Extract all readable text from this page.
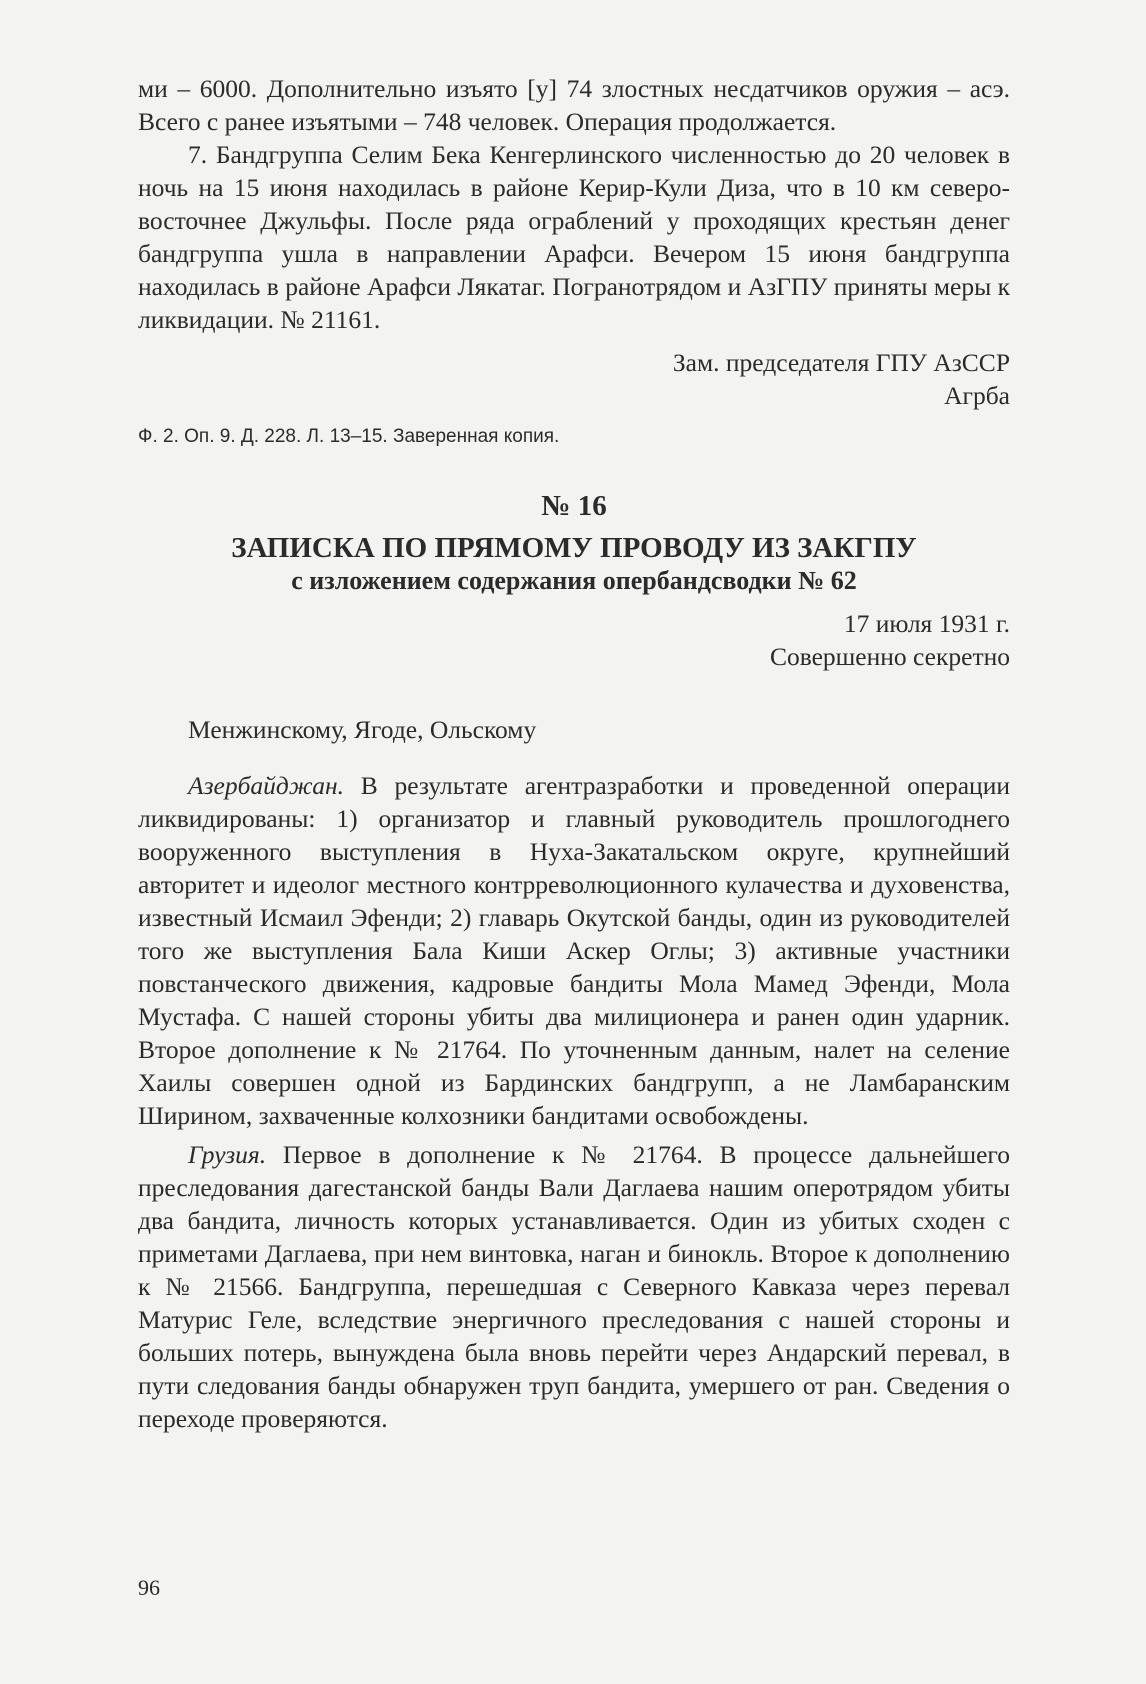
ми – 6000. Дополнительно изъято [у] 74 злостных несдатчиков оружия – асэ. Всего с ранее изъятыми – 748 человек. Операция продолжается.

7. Бандгруппа Селим Бека Кенгерлинского численностью до 20 человек в ночь на 15 июня находилась в районе Керир-Кули Диза, что в 10 км северо-восточнее Джульфы. После ряда ограблений у проходящих крестьян денег бандгруппа ушла в направлении Арафси. Вечером 15 июня бандгруппа находилась в районе Арафси Лякатаг. Погранотрядом и АзГПУ приняты меры к ликвидации. № 21161.

Зам. председателя ГПУ АзССР

Агрба

Ф. 2. Оп. 9. Д. 228. Л. 13–15. Заверенная копия.

№ 16

ЗАПИСКА ПО ПРЯМОМУ ПРОВОДУ ИЗ ЗАКГПУ

с изложением содержания опербандсводки № 62

17 июля 1931 г.

Совершенно секретно

Менжинскому, Ягоде, Ольскому

Азербайджан. В результате агентразработки и проведенной операции ликвидированы: 1) организатор и главный руководитель прошлогоднего вооруженного выступления в Нуха-Закатальском округе, крупнейший авторитет и идеолог местного контрреволюционного кулачества и духовенства, известный Исмаил Эфенди; 2) главарь Окутской банды, один из руководителей того же выступления Бала Киши Аскер Оглы; 3) активные участники повстанческого движения, кадровые бандиты Мола Мамед Эфенди, Мола Мустафа. С нашей стороны убиты два милиционера и ранен один ударник. Второе дополнение к № 21764. По уточненным данным, налет на селение Хаилы совершен одной из Бардинских бандгрупп, а не Ламбаранским Ширином, захваченные колхозники бандитами освобождены.

Грузия. Первое в дополнение к № 21764. В процессе дальнейшего преследования дагестанской банды Вали Даглаева нашим оперотрядом убиты два бандита, личность которых устанавливается. Один из убитых сходен с приметами Даглаева, при нем винтовка, наган и бинокль. Второе к дополнению к № 21566. Бандгруппа, перешедшая с Северного Кавказа через перевал Матурис Геле, вследствие энергичного преследования с нашей стороны и больших потерь, вынуждена была вновь перейти через Андарский перевал, в пути следования банды обнаружен труп бандита, умершего от ран. Сведения о переходе проверяются.

96
